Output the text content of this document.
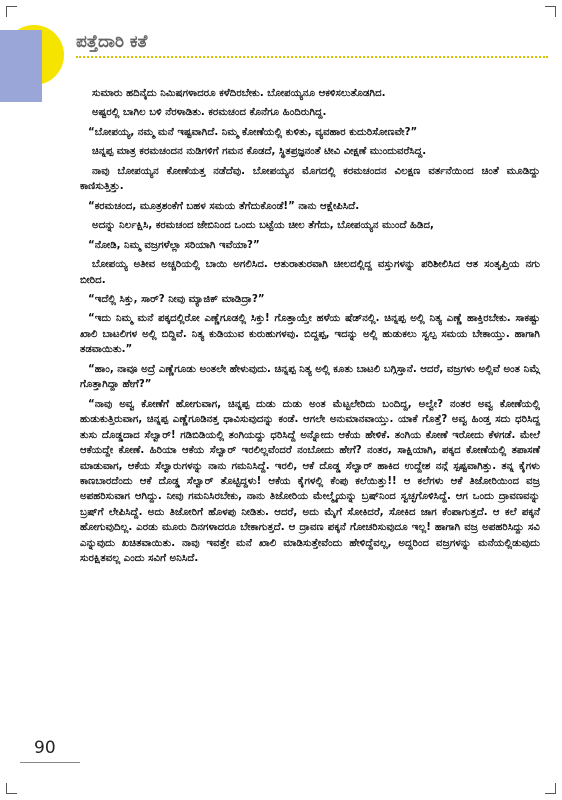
ಪತ್ತೆದಾರಿ ಕತೆ

ಸುಮಾರು ಹದಿನೈದು ನಿಮಿಷಗಳಾದರೂ ಕಳೆದಿರಬೇಕು. ಬೋಪಯ್ಯನೂ ಆಕಳಿಸಲುತೊಡಗಿದ.

ಅಷ್ಟರಲ್ಲಿ ಬಾಗಿಲ ಬಳಿ ನೆರಳಾಡಿತು. ಕರಮಚಂದ ಕೊನೆಗೂ ಹಿಂದಿರುಗಿದ್ದ.

“ಬೋಪಯ್ಯ, ನಮ್ಮ ಮನೆ ಇಷ್ಟವಾಗಿದೆ. ನಿಮ್ಮ ಕೋಣೆಯಲ್ಲಿ ಕುಳಿತು, ವ್ಯವಹಾರ ಕುದುರಿಸೋಣವೇ?”

ಚಿನ್ನಪ್ಪ ಮಾತ್ರ ಕರಮಚಂದನ ನುಡಿಗಳಿಗೆ ಗಮನ ಕೊಡದೆ, ಸ್ಥಿತಪ್ರಜ್ಞನಂತೆ ಟೀವಿ ವೀಕ್ಷಣೆ ಮುಂದುವರೆಸಿದ್ದ.

ನಾವು ಬೋಪಯ್ಯನ ಕೋಣೆಯತ್ತ ನಡೆದೆವು. ಬೋಪಯ್ಯನ ಮೊಗದಲ್ಲಿ ಕರಮಚಂದನ ವಿಲಕ್ಷಣ ವರ್ತನೆಯಿಂದ ಚಿಂತೆ ಮೂಡಿದ್ದು ಕಾಣಿಸುತ್ತಿತ್ತು.

“ಕರಮಚಂದ, ಮೂತ್ರಶಂಕೆಗೆ ಬಹಳ ಸಮಯ ತೆಗೆದುಕೊಂಡೆ!” ನಾನು ಆಕ್ಷೇಪಿಸಿದೆ.

ಅದನ್ನು ನಿರ್ಲಕ್ಷಿಸಿ, ಕರಮಚಂದ ಜೇಬಿನಿಂದ ಒಂದು ಬಟ್ಟೆಯ ಚೀಲ ತೆಗೆದು, ಬೋಪಯ್ಯನ ಮುಂದೆ ಹಿಡಿದ,

“ನೋಡಿ, ನಿಮ್ಮ ವಜ್ರಗಳೆಲ್ಲಾ ಸರಿಯಾಗಿ ಇವೆಯಾ?”

ಬೋಪಯ್ಯ ಅತೀವ ಅಚ್ಚರಿಯಲ್ಲಿ ಬಾಯಿ ಅಗಲಿಸಿದ. ಆತುರಾತುರವಾಗಿ ಚೀಲದಲ್ಲಿದ್ದ ವಸ್ತುಗಳನ್ನು ಪರಿಶೀಲಿಸಿದ ಆತ ಸಂತೃಪ್ತಿಯ ನಗು ಬೀರಿದ.

“ಇದೆಲ್ಲಿ ಸಿಕ್ತು, ಸಾರ್? ನೀವು ಮ್ಯಾಜಿಕ್ ಮಾಡಿದ್ರಾ?”

“ಇದು ನಿಮ್ಮ ಮನೆ ಪಕ್ಕದಲ್ಲಿರೋ ಎಣ್ಣೆಗೂಡಲ್ಲಿ ಸಿಕ್ತು! ಗೊತ್ತಾಯ್ತೇ ಹಳೆಯ ಷೆಡ್‌ನಲ್ಲಿ. ಚಿನ್ನಪ್ಪ ಅಲ್ಲಿ ನಿತ್ಯ ಎಣ್ಣೆ ಹಾಕ್ತಿರಬೇಕು. ಸಾಕಷ್ಟು ಖಾಲಿ ಬಾಟಲಿಗಳ ಅಲ್ಲಿ ಬಿದ್ದಿವೆ. ನಿತ್ಯ ಕುಡಿಯುವ ಕುರುಹುಗಳವು. ಬಿದ್ದಪ್ಪ, ಇದನ್ನು ಅಲ್ಲಿ ಹುಡುಕಲು ಸ್ವಲ್ಪ ಸಮಯ ಬೇಕಾಯ್ತು. ಹಾಗಾಗಿ ತಡವಾಯಿತು.”

“ಹಾಂ, ನಾವೂ ಅದ್ರೆ ಎಣ್ಣೆಗೂಡು ಅಂತಲೇ ಹೇಳುವುದು. ಚಿನ್ನಪ್ಪ ನಿತ್ಯ ಅಲ್ಲಿ ಕೂತು ಬಾಟಲಿ ಬಗ್ಗಿಸ್ತಾನೆ. ಆದರೆ, ವಜ್ರಗಳು ಅಲ್ಲಿವೆ ಅಂತ ನಿಮ್ಗೆ ಗೊತ್ತಾಗಿದ್ದಾ ಹೇಗೆ?”

“ನಾವು ಅವ್ವ ಕೋಣೆಗೆ ಹೋಗುವಾಗ, ಚಿನ್ನಪ್ಪ ದುಡು ದುಡು ಅಂತ ಮೆಟ್ಟಲೇರಿದು ಬಂದಿದ್ದ, ಅಲ್ವೇ? ನಂತರ ಅವ್ವ ಕೋಣೆಯಲ್ಲಿ ಹುಡುಕುತ್ತಿರುವಾಗ, ಚಿನ್ನಪ್ಪ ಎಣ್ಣೆಗೂಡಿನತ್ತ ಧಾವಿಸುವುದನ್ನು ಕಂಡೆ. ಆಗಲೇ ಅನುಮಾನವಾಯ್ತು. ಯಾಕೆ ಗೊತ್ತೆ? ಅವ್ವ ಹಿಂಡ್ತ ಸದು ಧರಿಸಿದ್ದ ತುಸು ದೊಡ್ಡದಾದ ಸೆಲ್ವಾರ್! ಗಡಿಬಿಡಿಯಲ್ಲಿ ತಂಗಿಯದ್ದು ಧರಿಸಿದ್ದೆ ಅನ್ನೋದು ಆಕೆಯ ಹೇಳಿಕೆ. ತಂಗಿಯ ಕೋಣೆ ಇರೋದು ಕೆಳಗಡೆ. ಮೇಲೆ ಆಕೆಯದ್ದೇ ಕೋಣೆ. ಹಿರಿಯಾ ಆಕೆಯ ಸೆಲ್ವಾರ್ ಇರಲಿಲ್ಲವೆಂದರೆ ನಂಬೋದು ಹೇಗೆ? ನಂತರ, ಸಾಕ್ಷಿಯಾಗಿ, ಪಕ್ಕದ ಕೋಣೆಯಲ್ಲಿ ತಪಾಸಣೆ ಮಾಡುವಾಗ, ಆಕೆಯ ಸೆಲ್ವಾರುಗಳನ್ನು ನಾನು ಗಮನಿಸಿದ್ದೆ. ಇರಲಿ, ಆಕೆ ದೊಡ್ಡ ಸೆಲ್ವಾರ್ ಹಾಕಿದ ಉದ್ದೇಶ ನನ್ಗೆ ಸ್ಪಷ್ಟವಾಗಿತ್ತು. ತನ್ನ ಕೈಗಳು ಕಾಣಬಾರದೆಂದು ಆಕೆ ದೊಡ್ಡ ಸೆಲ್ವಾರ್ ತೊಟ್ಟಿದ್ದಳು! ಆಕೆಯ ಕೈಗಳಲ್ಲಿ ಕೆಂಪು ಕಲೆಯಿತ್ತು!! ಆ ಕಲೆಗಳು ಆಕೆ ತಿಜೋರಿಯಿಂದ ವಜ್ರ ಅಪಹರಿಸುವಾಗ ಆಗಿದ್ದು. ನೀವು ಗಮನಿಸಿರಬೇಕು, ನಾನು ತಿಜೋರಿಯ ಮೇಲ್ಮೈಯನ್ನು ಬ್ರಷ್‌ನಿಂದ ಸ್ವಚ್ಛಗೊಳಿಸಿದ್ದೆ. ಆಗ ಒಂದು ದ್ರಾವಣವನ್ನು ಬ್ರಷ್‌ಗೆ ಲೇಪಿಸಿದ್ದೆ. ಅದು ತಿಜೋರಿಗೆ ಹೊಳಪು ನೀಡಿತು. ಆದರೆ, ಅದು ಮೈಗೆ ಸೋಕಿದರೆ, ಸೋಕಿದ ಜಾಗ ಕೆಂಪಾಗುತ್ತದೆ. ಆ ಕಲೆ ಪಕ್ಕನೆ ಹೋಗುವುದಿಲ್ಲ. ಎರಡು ಮೂರು ದಿನಗಳಾದರೂ ಬೇಕಾಗುತ್ತದೆ. ಆ ದ್ರಾವಣ ಪಕ್ಕನೆ ಗೋಚರಿಸುವುದೂ ಇಲ್ಲ! ಹಾಗಾಗಿ ವಜ್ರ ಅಪಹರಿಸಿದ್ದು ಸವಿ ಎನ್ನುವುದು ಖಚಿತವಾಯಿತು. ನಾವು ಇವತ್ತೇ ಮನೆ ಖಾಲಿ ಮಾಡಿಸುತ್ತೇವೆಂದು ಹೇಳಿದ್ದೆವಲ್ಲ, ಅದ್ದರಿಂದ ವಜ್ರಗಳನ್ನು ಮನೆಯಲ್ಲಿಡುವುದು ಸುರಕ್ಷಿತವಲ್ಲ ಎಂದು ಸವಿಗೆ ಅನಿಸಿದೆ.

90
